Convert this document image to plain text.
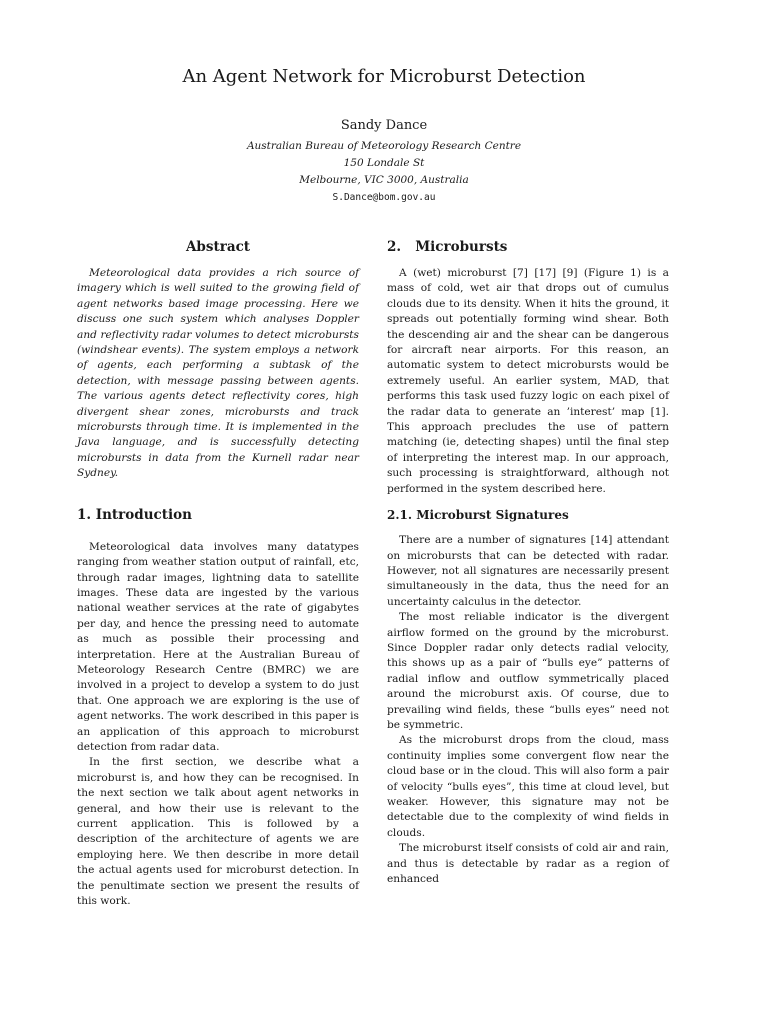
An Agent Network for Microburst Detection
Sandy Dance
Australian Bureau of Meteorology Research Centre
150 Londale St
Melbourne, VIC 3000, Australia
S.Dance@bom.gov.au
Abstract

Meteorological data provides a rich source of imagery which is well suited to the growing field of agent networks based image processing. Here we discuss one such system which analyses Doppler and reflectivity radar volumes to detect microbursts (windshear events). The system employs a network of agents, each performing a subtask of the detection, with message passing between agents. The various agents detect reflectivity cores, high divergent shear zones, microbursts and track microbursts through time. It is implemented in the Java language, and is successfully detecting microbursts in data from the Kurnell radar near Sydney.

1. Introduction

Meteorological data involves many datatypes ranging from weather station output of rainfall, etc, through radar images, lightning data to satellite images. These data are ingested by the various national weather services at the rate of gigabytes per day, and hence the pressing need to automate as much as possible their processing and interpretation. Here at the Australian Bureau of Meteorology Research Centre (BMRC) we are involved in a project to develop a system to do just that. One approach we are exploring is the use of agent networks. The work described in this paper is an application of this approach to microburst detection from radar data.

In the first section, we describe what a microburst is, and how they can be recognised. In the next section we talk about agent networks in general, and how their use is relevant to the current application. This is followed by a description of the architecture of agents we are employing here. We then describe in more detail the actual agents used for microburst detection. In the penultimate section we present the results of this work.

2.   Microbursts

A (wet) microburst [7] [17] [9] (Figure 1) is a mass of cold, wet air that drops out of cumulus clouds due to its density. When it hits the ground, it spreads out potentially forming wind shear. Both the descending air and the shear can be dangerous for aircraft near airports. For this reason, an automatic system to detect microbursts would be extremely useful. An earlier system, MAD, that performs this task used fuzzy logic on each pixel of the radar data to generate an ’interest’ map [1]. This approach precludes the use of pattern matching (ie, detecting shapes) until the final step of interpreting the interest map. In our approach, such processing is straightforward, although not performed in the system described here.

2.1. Microburst Signatures

There are a number of signatures [14] attendant on microbursts that can be detected with radar. However, not all signatures are necessarily present simultaneously in the data, thus the need for an uncertainty calculus in the detector.

The most reliable indicator is the divergent airflow formed on the ground by the microburst. Since Doppler radar only detects radial velocity, this shows up as a pair of “bulls eye” patterns of radial inflow and outflow symmetrically placed around the microburst axis. Of course, due to prevailing wind fields, these “bulls eyes” need not be symmetric.

As the microburst drops from the cloud, mass continuity implies some convergent flow near the cloud base or in the cloud. This will also form a pair of velocity “bulls eyes”, this time at cloud level, but weaker. However, this signature may not be detectable due to the complexity of wind fields in clouds.

The microburst itself consists of cold air and rain, and thus is detectable by radar as a region of enhanced
